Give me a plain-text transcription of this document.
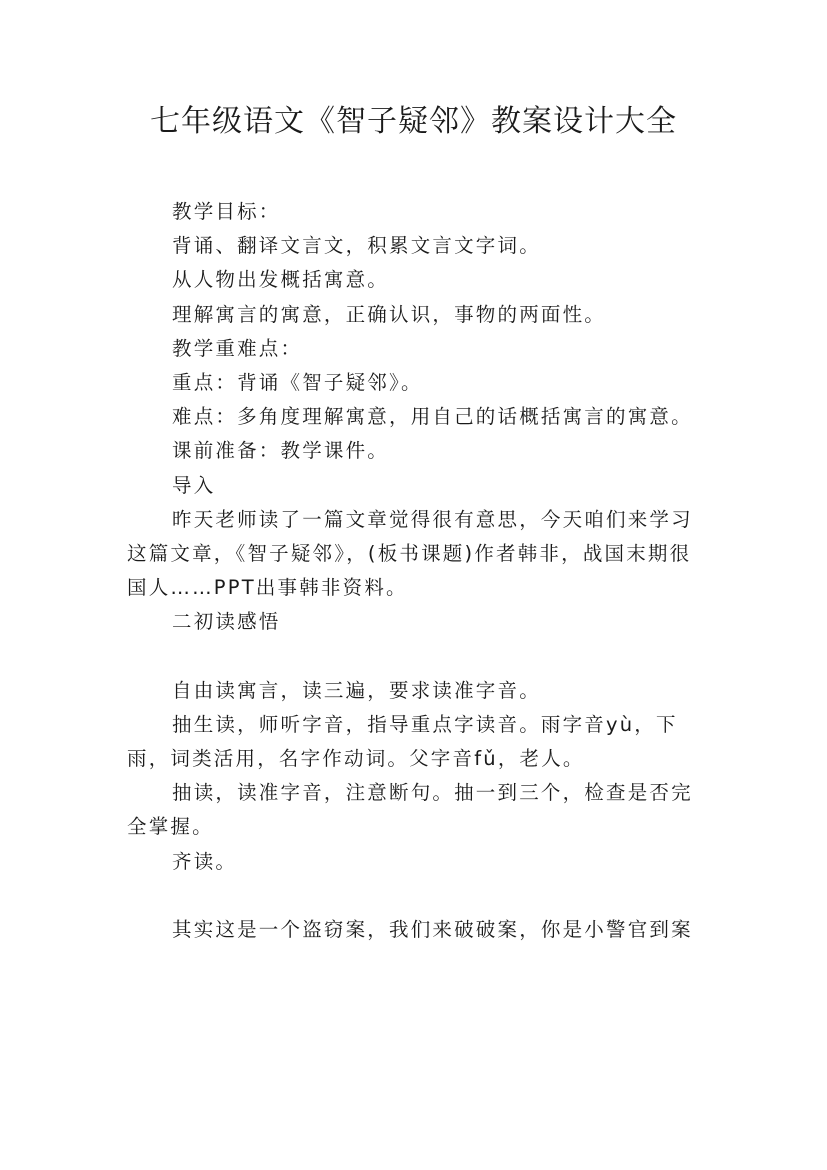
七年级语文《智子疑邻》教案设计大全

教学目标：

背诵、翻译文言文，积累文言文字词。

从人物出发概括寓意。

理解寓言的寓意，正确认识，事物的两面性。

教学重难点：

重点：背诵《智子疑邻》。

难点：多角度理解寓意，用自己的话概括寓言的寓意。

课前准备：教学课件。

导入

昨天老师读了一篇文章觉得很有意思，今天咱们来学习这篇文章，《智子疑邻》，(板书课题)作者韩非，战国末期很国人……PPT出事韩非资料。

二初读感悟

自由读寓言，读三遍，要求读准字音。

抽生读，师听字音，指导重点字读音。雨字音yù，下雨，词类活用，名字作动词。父字音fǔ，老人。

抽读，读准字音，注意断句。抽一到三个，检查是否完全掌握。

齐读。

其实这是一个盗窃案，我们来破破案，你是小警官到案
